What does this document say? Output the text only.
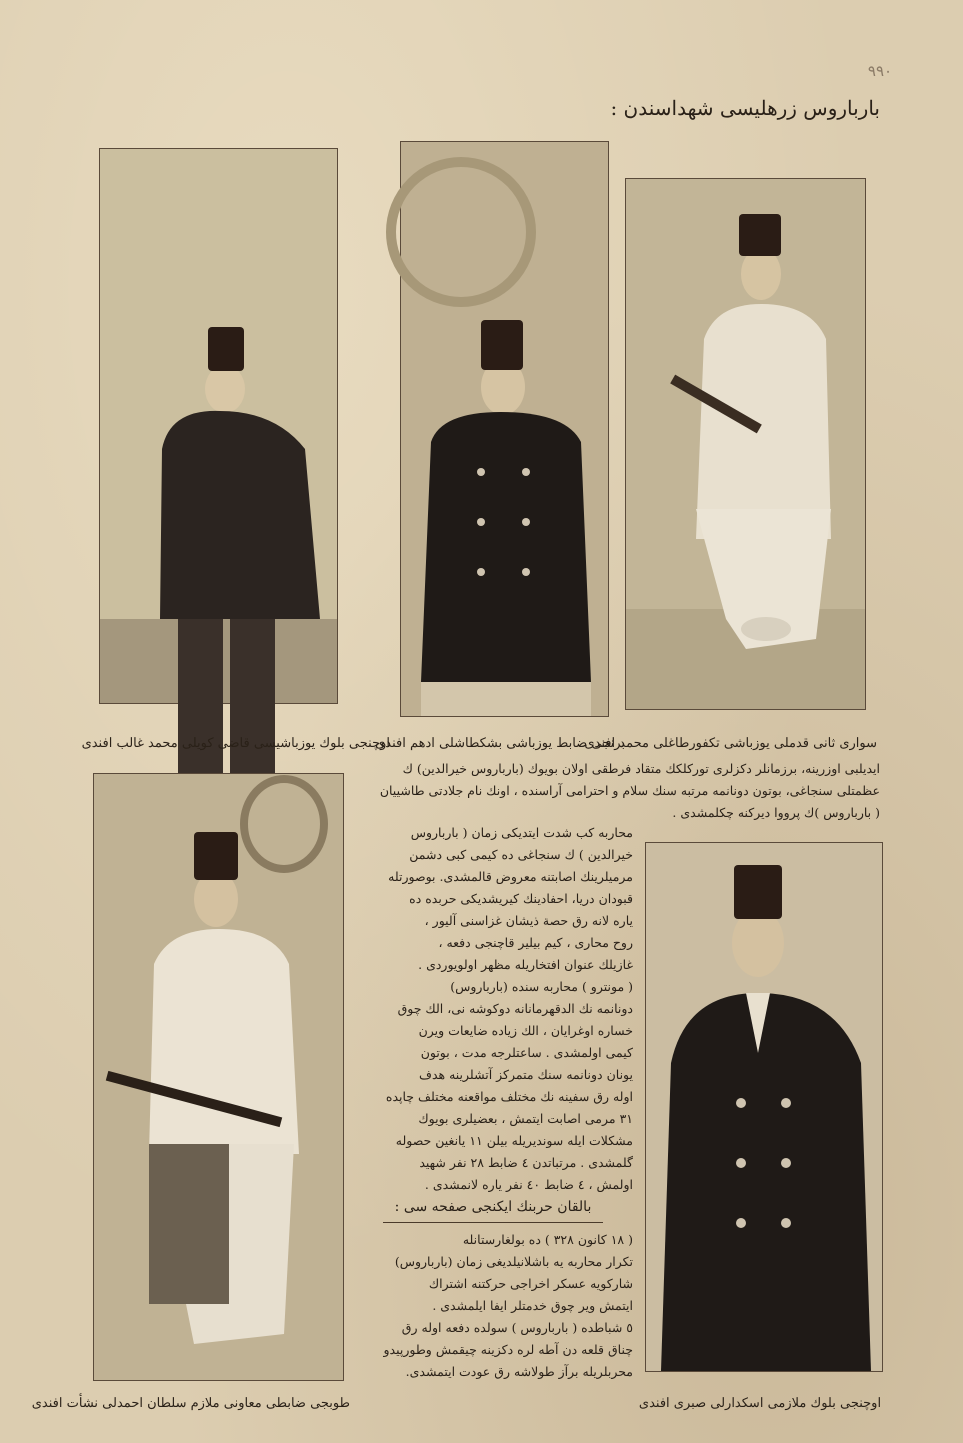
٩٩٠
بارباروس زرهلیسی شهداسندن :
اوچنجی بلوك یوزباشیسی قاضی کویلی محمد غالب افندی
برنجی ضابط یوزباشی بشکطاشلی ادهم افندی
سواری ثانی قدملی یوزباشی تکفورطاغلی محمد افندی

ایدیلبی اوزرینه، برزمانلر دکزلری تورکلکك متقاد فرطقی اولان بویوك (بارباروس خیرالدین) ك

عظمتلی سنجاغی، بوتون دونانمه مرتبه سنك سلام و احترامی آراسنده ، اونك نام جلادتی طاشییان

( بارباروس )ك پرووا دیرکنه چکلمشدی .

محاربه کب شدت ایتدیکی زمان ( بارباروس

خیرالدین ) ك سنجاغی ده کیمی کبی دشمن

مرمیلرینك اصابتنه معروض قالمشدی. بوصورتله

قبودان دریا، احفادینك کیریشدیکی حربده ده

یاره لانه رق حصة ذیشان غزاسنی آلیور ،

روح محاری ، کیم بیلیر قاچنجی دفعه ،

غازیلك عنوان افتخاریله مظهر اولویوردی .

( مونترو ) محاربه سنده (بارباروس)

دونانمه نك الدقهرمانانه دوکوشه نی، الك چوق

خساره اوغرایان ، الك زیاده ضایعات ویرن

کیمی اولمشدی . ساعتلرجه مدت ، بوتون

یونان دونانمه سنك متمرکز آتشلرینه هدف

اوله رق سفینه نك مختلف مواقعنه مختلف چاپده

٣١ مرمی اصابت ایتمش ، بعضیلری بویوك

مشکلات ایله سوندیریله بیلن ١١ یانغین حصوله

گلمشدی . مرتباتدن ٤ ضابط ٢٨ نفر شهید

اولمش ، ٤ ضابط ٤٠ نفر یاره لانمشدی .

بالقان حربنك ایکنجی صفحه سی :

( ١٨ کانون ٣٢٨ ) ده بولغارستانله

تکرار محاربه یه باشلانیلدیغی زمان (بارباروس)

شارکویه عسکر اخراجی حرکتنه اشتراك

ایتمش ویر چوق خدمتلر ایفا ایلمشدی .

٥ شباطده ( بارباروس ) سولده دفعه اوله رق

چناق قلعه دن آطه لره دکزینه چیقمش وطورپیدو

محربلریله برآز طولاشه رق عودت ایتمشدی.

طوبجی ضابطی معاونی ملازم سلطان احمدلی نشأت افندی	اوچنجی بلوك ملازمی اسکدارلی صبری افندی
